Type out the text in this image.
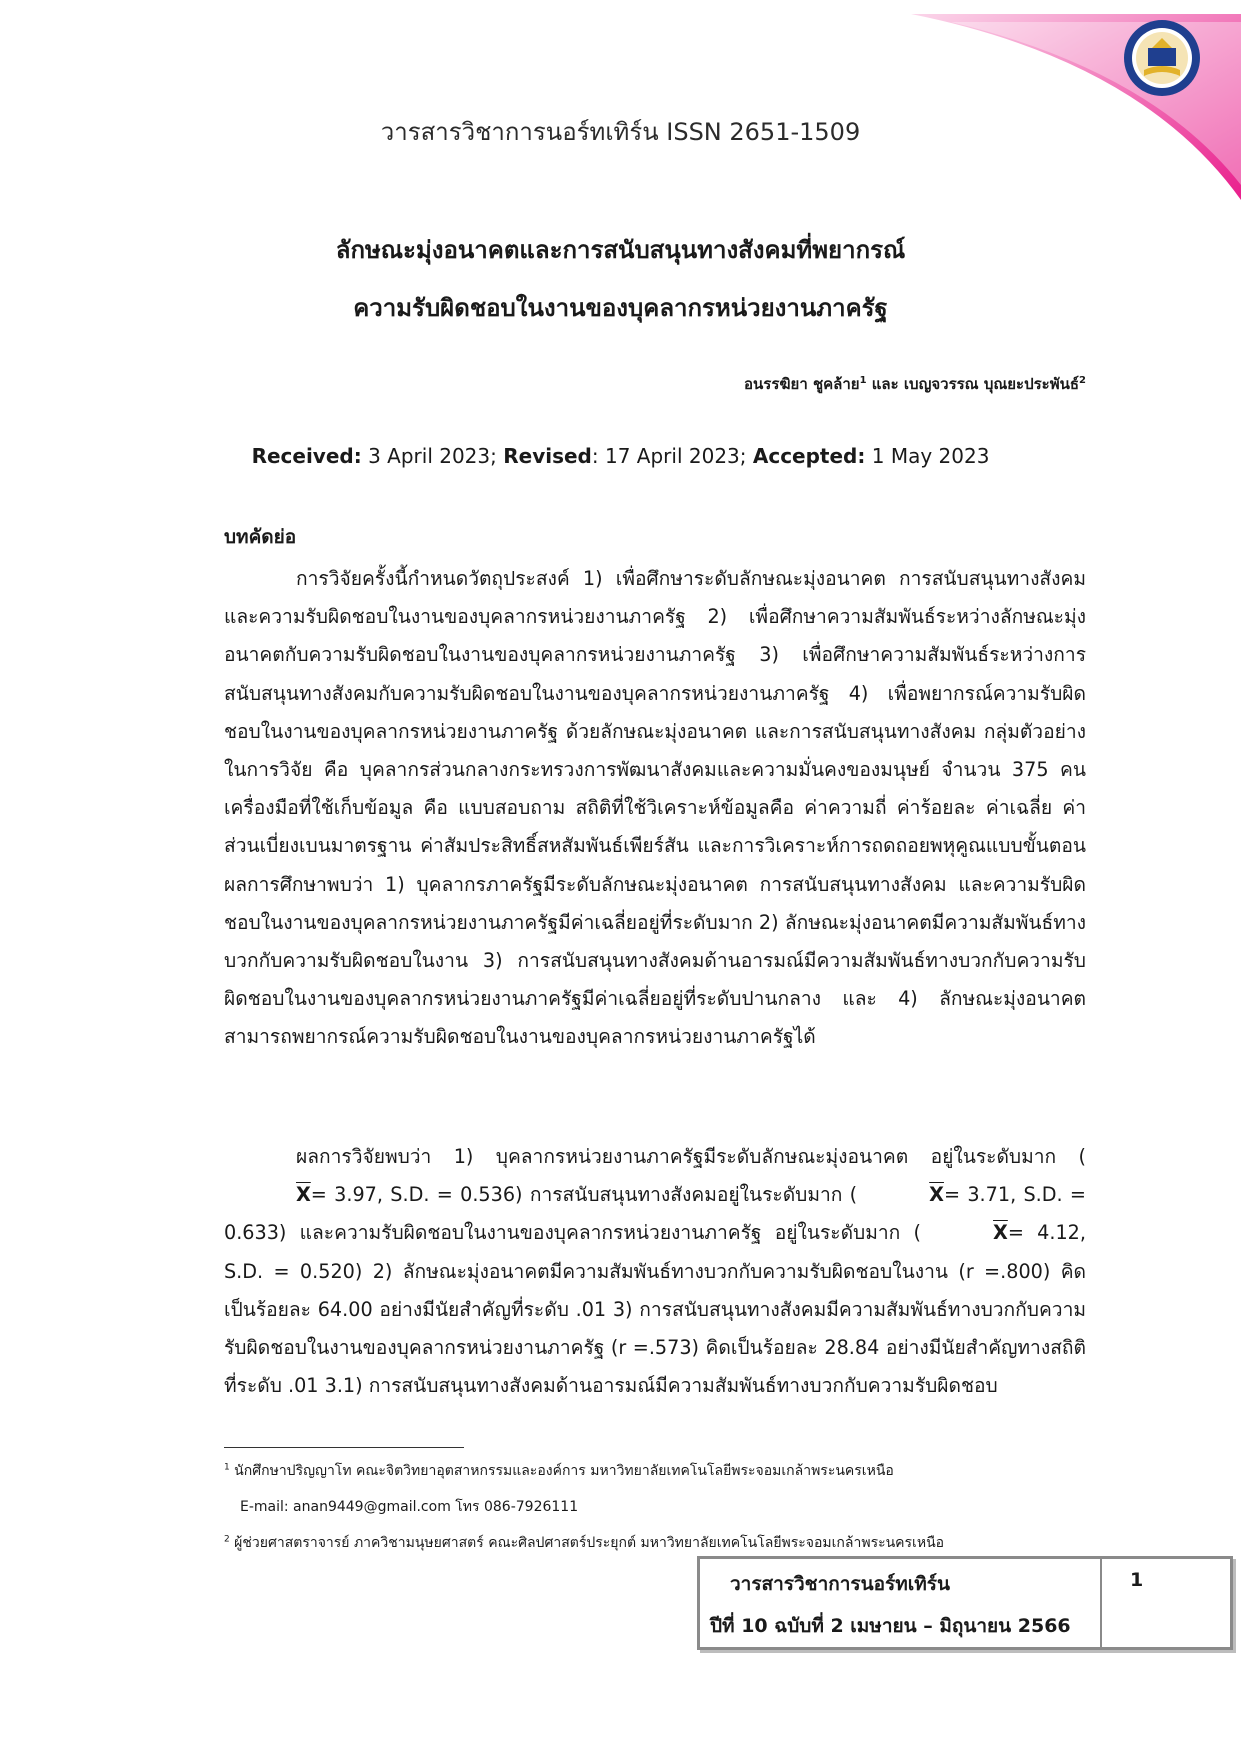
วารสารวิชาการนอร์ทเทิร์น ISSN 2651-1509
ลักษณะมุ่งอนาคตและการสนับสนุนทางสังคมที่พยากรณ์
ความรับผิดชอบในงานของบุคลากรหน่วยงานภาครัฐ
อนรรฆิยา ชูคล้าย$^1$ และ เบญจวรรณ บุณยะประพันธ์$^2$
Received: 3 April 2023; Revised: 17 April 2023; Accepted: 1 May 2023
บทคัดย่อ

การวิจัยครั้งนี้กำหนดวัตถุประสงค์ 1) เพื่อศึกษาระดับลักษณะมุ่งอนาคต การสนับสนุนทางสังคม และความรับผิดชอบในงานของบุคลากรหน่วยงานภาครัฐ 2) เพื่อศึกษาความสัมพันธ์ระหว่างลักษณะมุ่งอนาคตกับความรับผิดชอบในงานของบุคลากรหน่วยงานภาครัฐ 3) เพื่อศึกษาความสัมพันธ์ระหว่างการสนับสนุนทางสังคมกับความรับผิดชอบในงานของบุคลากรหน่วยงานภาครัฐ 4) เพื่อพยากรณ์ความรับผิดชอบในงานของบุคลากรหน่วยงานภาครัฐ ด้วยลักษณะมุ่งอนาคต และการสนับสนุนทางสังคม กลุ่มตัวอย่างในการวิจัย คือ บุคลากรส่วนกลางกระทรวงการพัฒนาสังคมและความมั่นคงของมนุษย์ จำนวน 375 คน เครื่องมือที่ใช้เก็บข้อมูล คือ แบบสอบถาม สถิติที่ใช้วิเคราะห์ข้อมูลคือ ค่าความถี่ ค่าร้อยละ ค่าเฉลี่ย ค่าส่วนเบี่ยงเบนมาตรฐาน ค่าสัมประสิทธิ์สหสัมพันธ์เพียร์สัน และการวิเคราะห์การถดถอยพหุคูณแบบขั้นตอน ผลการศึกษาพบว่า 1) บุคลากรภาครัฐมีระดับลักษณะมุ่งอนาคต การสนับสนุนทางสังคม และความรับผิดชอบในงานของบุคลากรหน่วยงานภาครัฐมีค่าเฉลี่ยอยู่ที่ระดับมาก 2) ลักษณะมุ่งอนาคตมีความสัมพันธ์ทางบวกกับความรับผิดชอบในงาน 3) การสนับสนุนทางสังคมด้านอารมณ์มีความสัมพันธ์ทางบวกกับความรับผิดชอบในงานของบุคลากรหน่วยงานภาครัฐมีค่าเฉลี่ยอยู่ที่ระดับปานกลาง และ 4) ลักษณะมุ่งอนาคตสามารถพยากรณ์ความรับผิดชอบในงานของบุคลากรหน่วยงานภาครัฐได้

ผลการวิจัยพบว่า 1) บุคลากรหน่วยงานภาครัฐมีระดับลักษณะมุ่งอนาคต อยู่ในระดับมาก ($\overline{X}= 3.97$, S.D. = 0.536) การสนับสนุนทางสังคมอยู่ในระดับมาก (	$\overline{X}= 3.71$, S.D. = 0.633) และความรับผิดชอบในงานของบุคลากรหน่วยงานภาครัฐ อยู่ในระดับมาก (	$\overline{X}= 4.12$, S.D. = 0.520) 2) ลักษณะมุ่งอนาคตมีความสัมพันธ์ทางบวกกับความรับผิดชอบในงาน (r =.800) คิดเป็นร้อยละ 64.00 อย่างมีนัยสำคัญที่ระดับ .01 3) การสนับสนุนทางสังคมมีความสัมพันธ์ทางบวกกับความรับผิดชอบในงานของบุคลากรหน่วยงานภาครัฐ (r =.573) คิดเป็นร้อยละ 28.84 อย่างมีนัยสำคัญทางสถิติที่ระดับ .01 3.1) การสนับสนุนทางสังคมด้านอารมณ์มีความสัมพันธ์ทางบวกกับความรับผิดชอบ

$^1$ นักศึกษาปริญญาโท คณะจิตวิทยาอุตสาหกรรมและองค์การ มหาวิทยาลัยเทคโนโลยีพระจอมเกล้าพระนครเหนือ
E-mail: anan9449@gmail.com โทร 086-7926111
$^2$ ผู้ช่วยศาสตราจารย์ ภาควิชามนุษยศาสตร์ คณะศิลปศาสตร์ประยุกต์ มหาวิทยาลัยเทคโนโลยีพระจอมเกล้าพระนครเหนือ
วารสารวิชาการนอร์ทเทิร์น
ปีที่ 10 ฉบับที่ 2 เมษายน – มิถุนายน 2566
1
